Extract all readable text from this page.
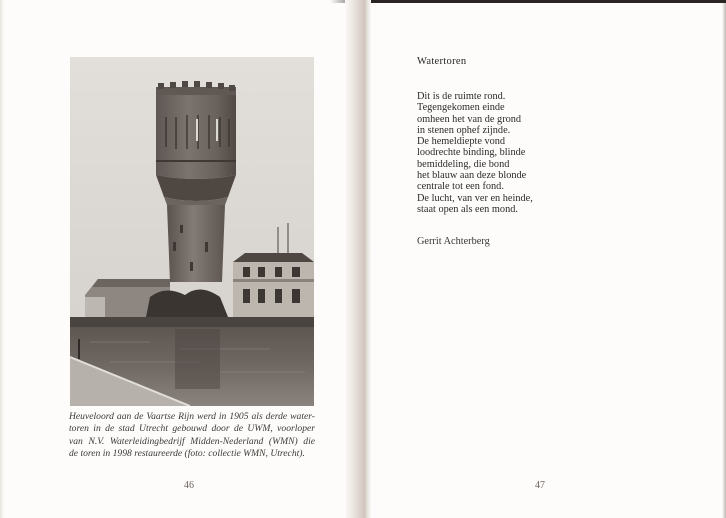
Heuveloord aan de Vaartse Rijn werd in 1905 als derde water-
toren in de stad Utrecht gebouwd door de UWM, voorloper
van N.V. Waterleidingbedrijf Midden-Nederland (WMN) die
de toren in 1998 restaureerde (foto: collectie WMN, Utrecht).
46
Watertoren
Dit is de ruimte rond.
Tegengekomen einde
omheen het van de grond
in stenen ophef zijnde.
De hemeldiepte vond
loodrechte binding, blinde
bemiddeling, die bond
het blauw aan deze blonde
centrale tot een fond.
De lucht, van ver en heinde,
staat open als een mond.
Gerrit Achterberg
47
